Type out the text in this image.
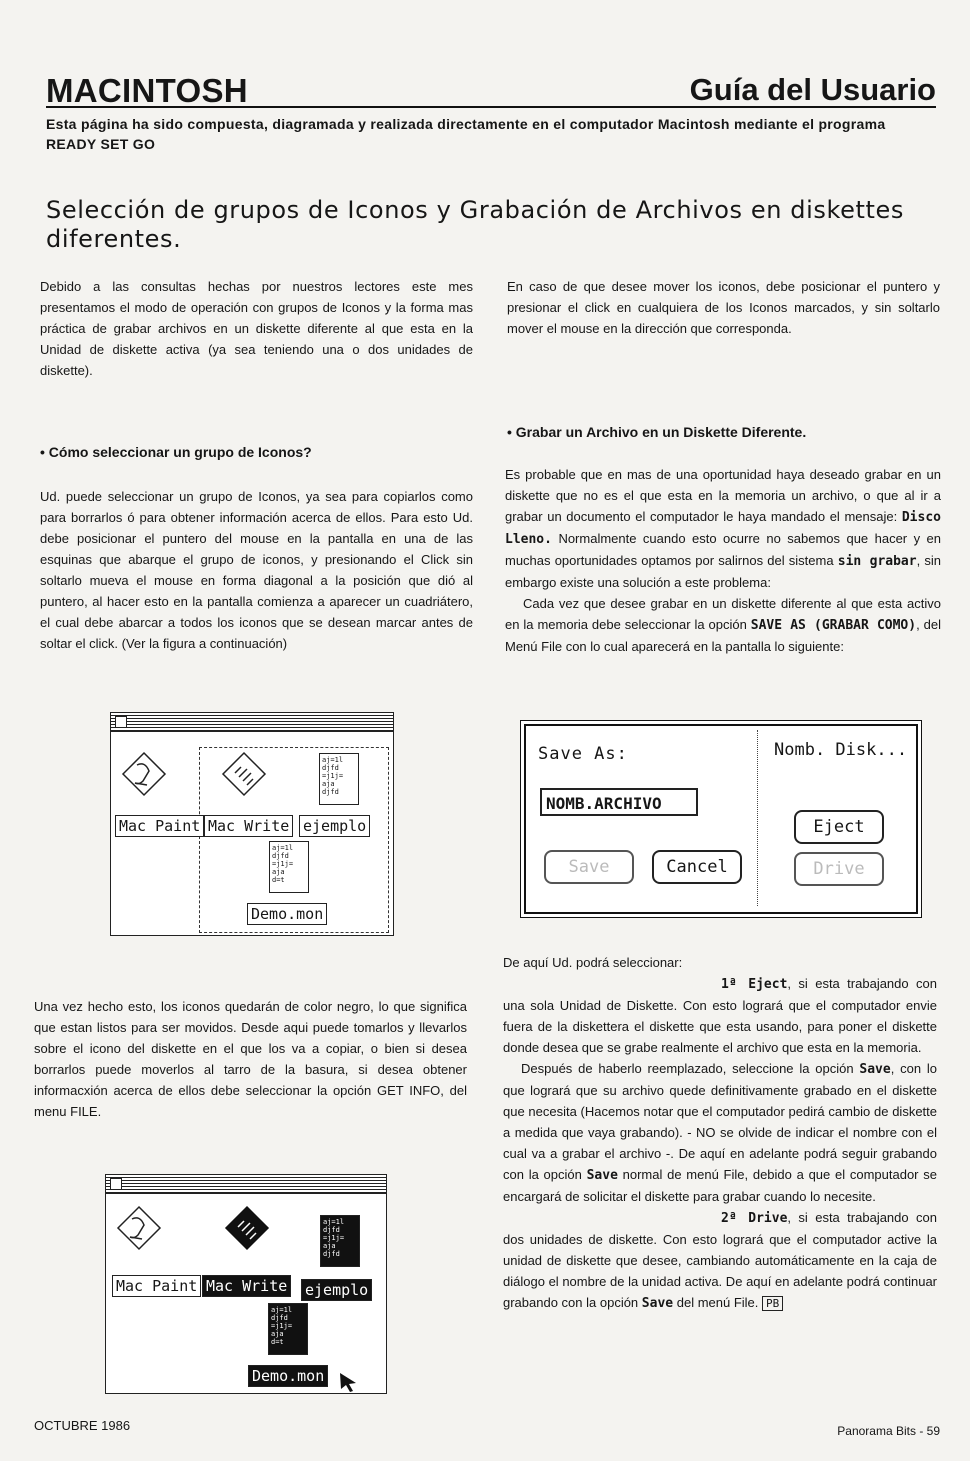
MACINTOSH	Guía del Usuario
Esta página ha sido compuesta, diagramada y realizada directamente en el computador Macintosh mediante el programa READY SET GO
Selección de grupos de Iconos y Grabación de Archivos en diskettes diferentes.

Debido a las consultas hechas por nuestros lectores este mes presentamos el modo de operación con grupos de Iconos y la forma mas práctica de grabar archivos en un diskette diferente al que esta en la Unidad de diskette activa (ya sea teniendo una o dos unidades de diskette).

• Cómo seleccionar un grupo de Iconos?

Ud. puede seleccionar un grupo de Iconos, ya sea para copiarlos como para borrarlos ó para obtener información acerca de ellos. Para esto Ud. debe posicionar el puntero del mouse en la pantalla en una de las esquinas que abarque el grupo de iconos, y presionando el Click sin soltarlo mueva el mouse en forma diagonal a la posición que dió al puntero, al hacer esto en la pantalla comienza a aparecer un cuadriátero, el cual debe abarcar a todos los iconos que se desean marcar antes de soltar el click. (Ver la figura a continuación)

Mac Paint Mac Write
aj=1l
djfd
=j1j=
aja
djfd
ejemplo
aj=1l
djfd
=j1j=
aja
d=t
Demo.mon

Una vez hecho esto, los iconos quedarán de color negro, lo que significa que estan listos para ser movidos. Desde aqui puede tomarlos y llevarlos sobre el icono del diskette en el que los va a copiar, o bien si desea borrarlos puede moverlos al tarro de la basura, si desea obtener informacxión acerca de ellos debe seleccionar la opción GET INFO, del menu FILE.

Mac Paint Mac Write
aj=1l
djfd
=j1j=
aja
djfd
ejemplo
aj=1l
djfd
=j1j=
aja
d=t
Demo.mon

En caso de que desee mover los iconos, debe posicionar el puntero y presionar el click en cualquiera de los Iconos marcados, y sin soltarlo mover el mouse en la dirección que corresponda.

• Grabar un Archivo en un Diskette Diferente.

Es probable que en mas de una oportunidad haya deseado grabar en un diskette que no es el que esta en la memoria un archivo, o que al ir a grabar un documento el computador le haya mandado el mensaje: Disco Lleno. Normalmente cuando esto ocurre no sabemos que hacer y en muchas oportunidades optamos por salirnos del sistema sin grabar, sin embargo existe una solución a este problema:

Cada vez que desee grabar en un diskette diferente al que esta activo en la memoria debe seleccionar la opción SAVE AS (GRABAR COMO), del Menú File con lo cual aparecerá en la pantalla lo siguiente:

Save As:	Nomb. Disk...
NOMB.ARCHIVO
Save	Cancel
Eject
Drive

De aquí Ud. podrá seleccionar:

1ª Eject, si esta trabajando con una sola Unidad de Diskette. Con esto logrará que el computador envie fuera de la diskettera el diskette que esta usando, para poner el diskette donde desea que se grabe realmente el archivo que esta en la memoria.

Después de haberlo reemplazado, seleccione la opción Save, con lo que logrará que su archivo quede definitivamente grabado en el diskette que necesita (Hacemos notar que el computador pedirá cambio de diskette a medida que vaya grabando). - NO se olvide de indicar el nombre con el cual va a grabar el archivo -. De aquí en adelante podrá seguir grabando con la opción Save normal de menú File, debido a que el computador se encargará de solicitar el diskette para grabar cuando lo necesite.

2ª Drive, si esta trabajando con dos unidades de diskette. Con esto logrará que el computador active la unidad de diskette que desee, cambiando automáticamente en la caja de diálogo el nombre de la unidad activa. De aquí en adelante podrá continuar grabando con la opción Save del menú File. PB

OCTUBRE 1986	Panorama Bits - 59
